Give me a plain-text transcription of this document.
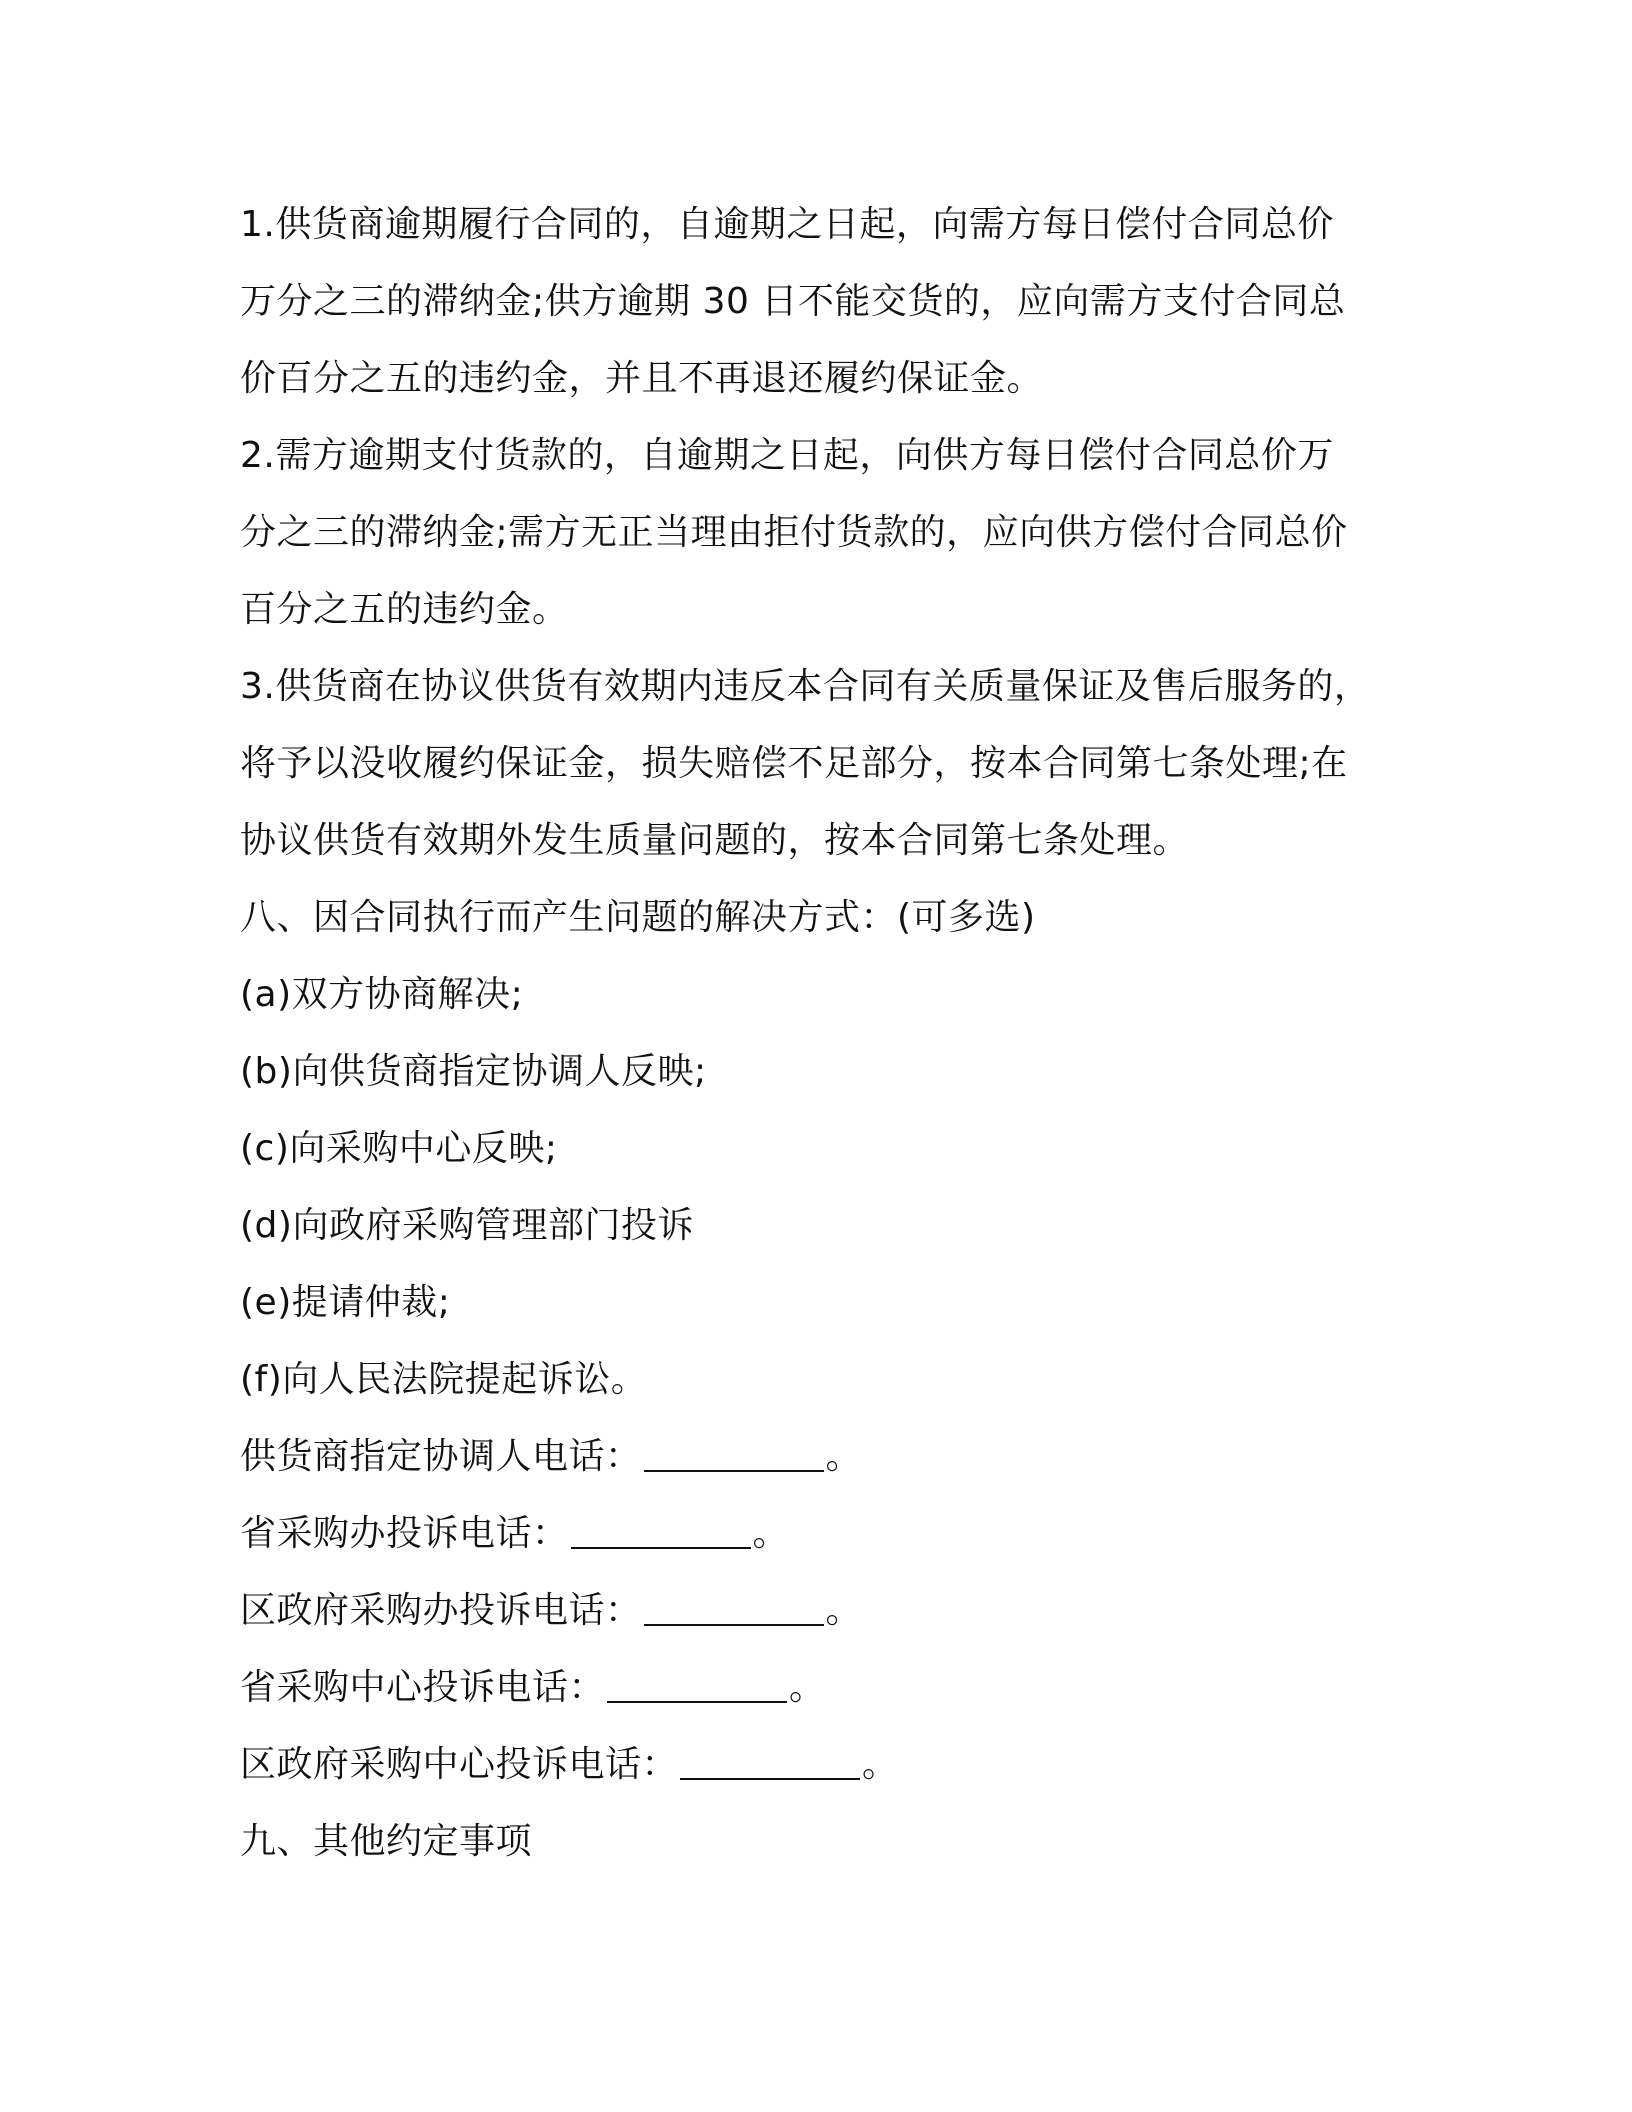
1.供货商逾期履行合同的，自逾期之日起，向需方每日偿付合同总价
万分之三的滞纳金;供方逾期 30 日不能交货的，应向需方支付合同总
价百分之五的违约金，并且不再退还履约保证金。
2.需方逾期支付货款的，自逾期之日起，向供方每日偿付合同总价万
分之三的滞纳金;需方无正当理由拒付货款的，应向供方偿付合同总价
百分之五的违约金。
3.供货商在协议供货有效期内违反本合同有关质量保证及售后服务的，
将予以没收履约保证金，损失赔偿不足部分，按本合同第七条处理;在
协议供货有效期外发生质量问题的，按本合同第七条处理。
八、因合同执行而产生问题的解决方式：(可多选)
(a)双方协商解决;
(b)向供货商指定协调人反映;
(c)向采购中心反映;
(d)向政府采购管理部门投诉
(e)提请仲裁;
(f)向人民法院提起诉讼。
供货商指定协调人电话：	。
省采购办投诉电话：	。
区政府采购办投诉电话：	。
省采购中心投诉电话：	。
区政府采购中心投诉电话：	。
九、其他约定事项
